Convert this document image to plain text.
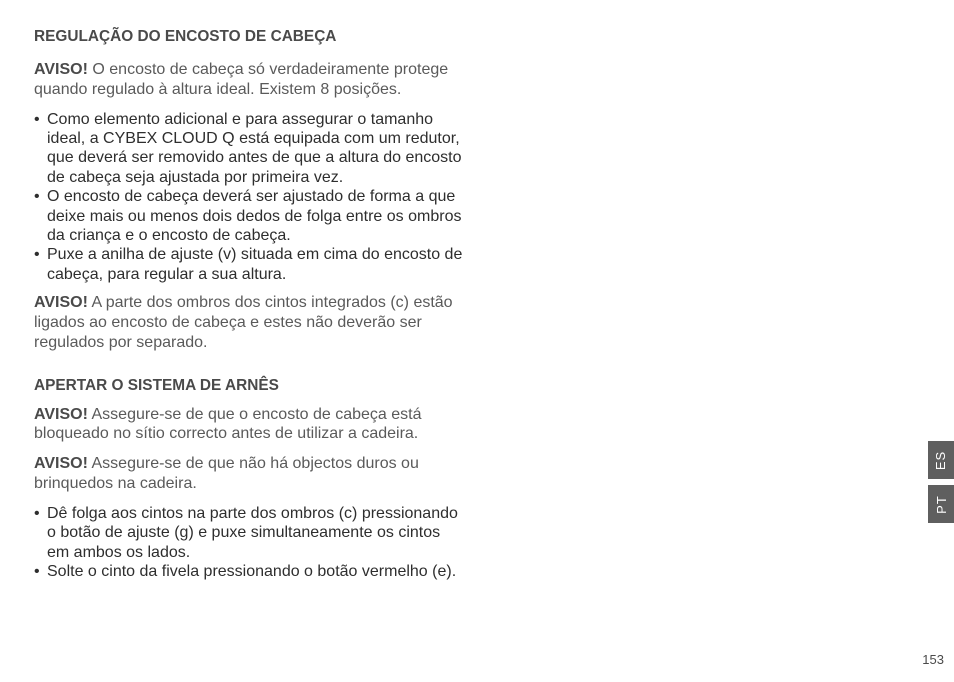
REGULAÇÃO DO ENCOSTO DE CABEÇA

AVISO! O encosto de cabeça só verdadeiramente protege quando regulado à altura ideal. Existem 8 posições.

• Como elemento adicional e para assegurar o tamanho ideal, a CYBEX CLOUD Q está equipada com um redutor, que deverá ser removido antes de que a altura do encosto de cabeça seja ajustada por primeira vez.
• O encosto de cabeça deverá ser ajustado de forma a que deixe mais ou menos dois dedos de folga entre os ombros da criança e o encosto de cabeça.
• Puxe a anilha de ajuste (v) situada em cima do encosto de cabeça, para regular a sua altura.

AVISO! A parte dos ombros dos cintos integrados (c) estão ligados ao encosto de cabeça e estes não deverão ser regulados por separado.

APERTAR O SISTEMA DE ARNÊS

AVISO! Assegure-se de que o encosto de cabeça está bloqueado no sítio correcto antes de utilizar a cadeira.

AVISO! Assegure-se de que não há objectos duros ou brinquedos na cadeira.

• Dê folga aos cintos na parte dos ombros (c) pressionando o botão de ajuste (g) e puxe simultaneamente os cintos em ambos os lados.
• Solte o cinto da fivela pressionando o botão vermelho (e).
ES
PT
153
